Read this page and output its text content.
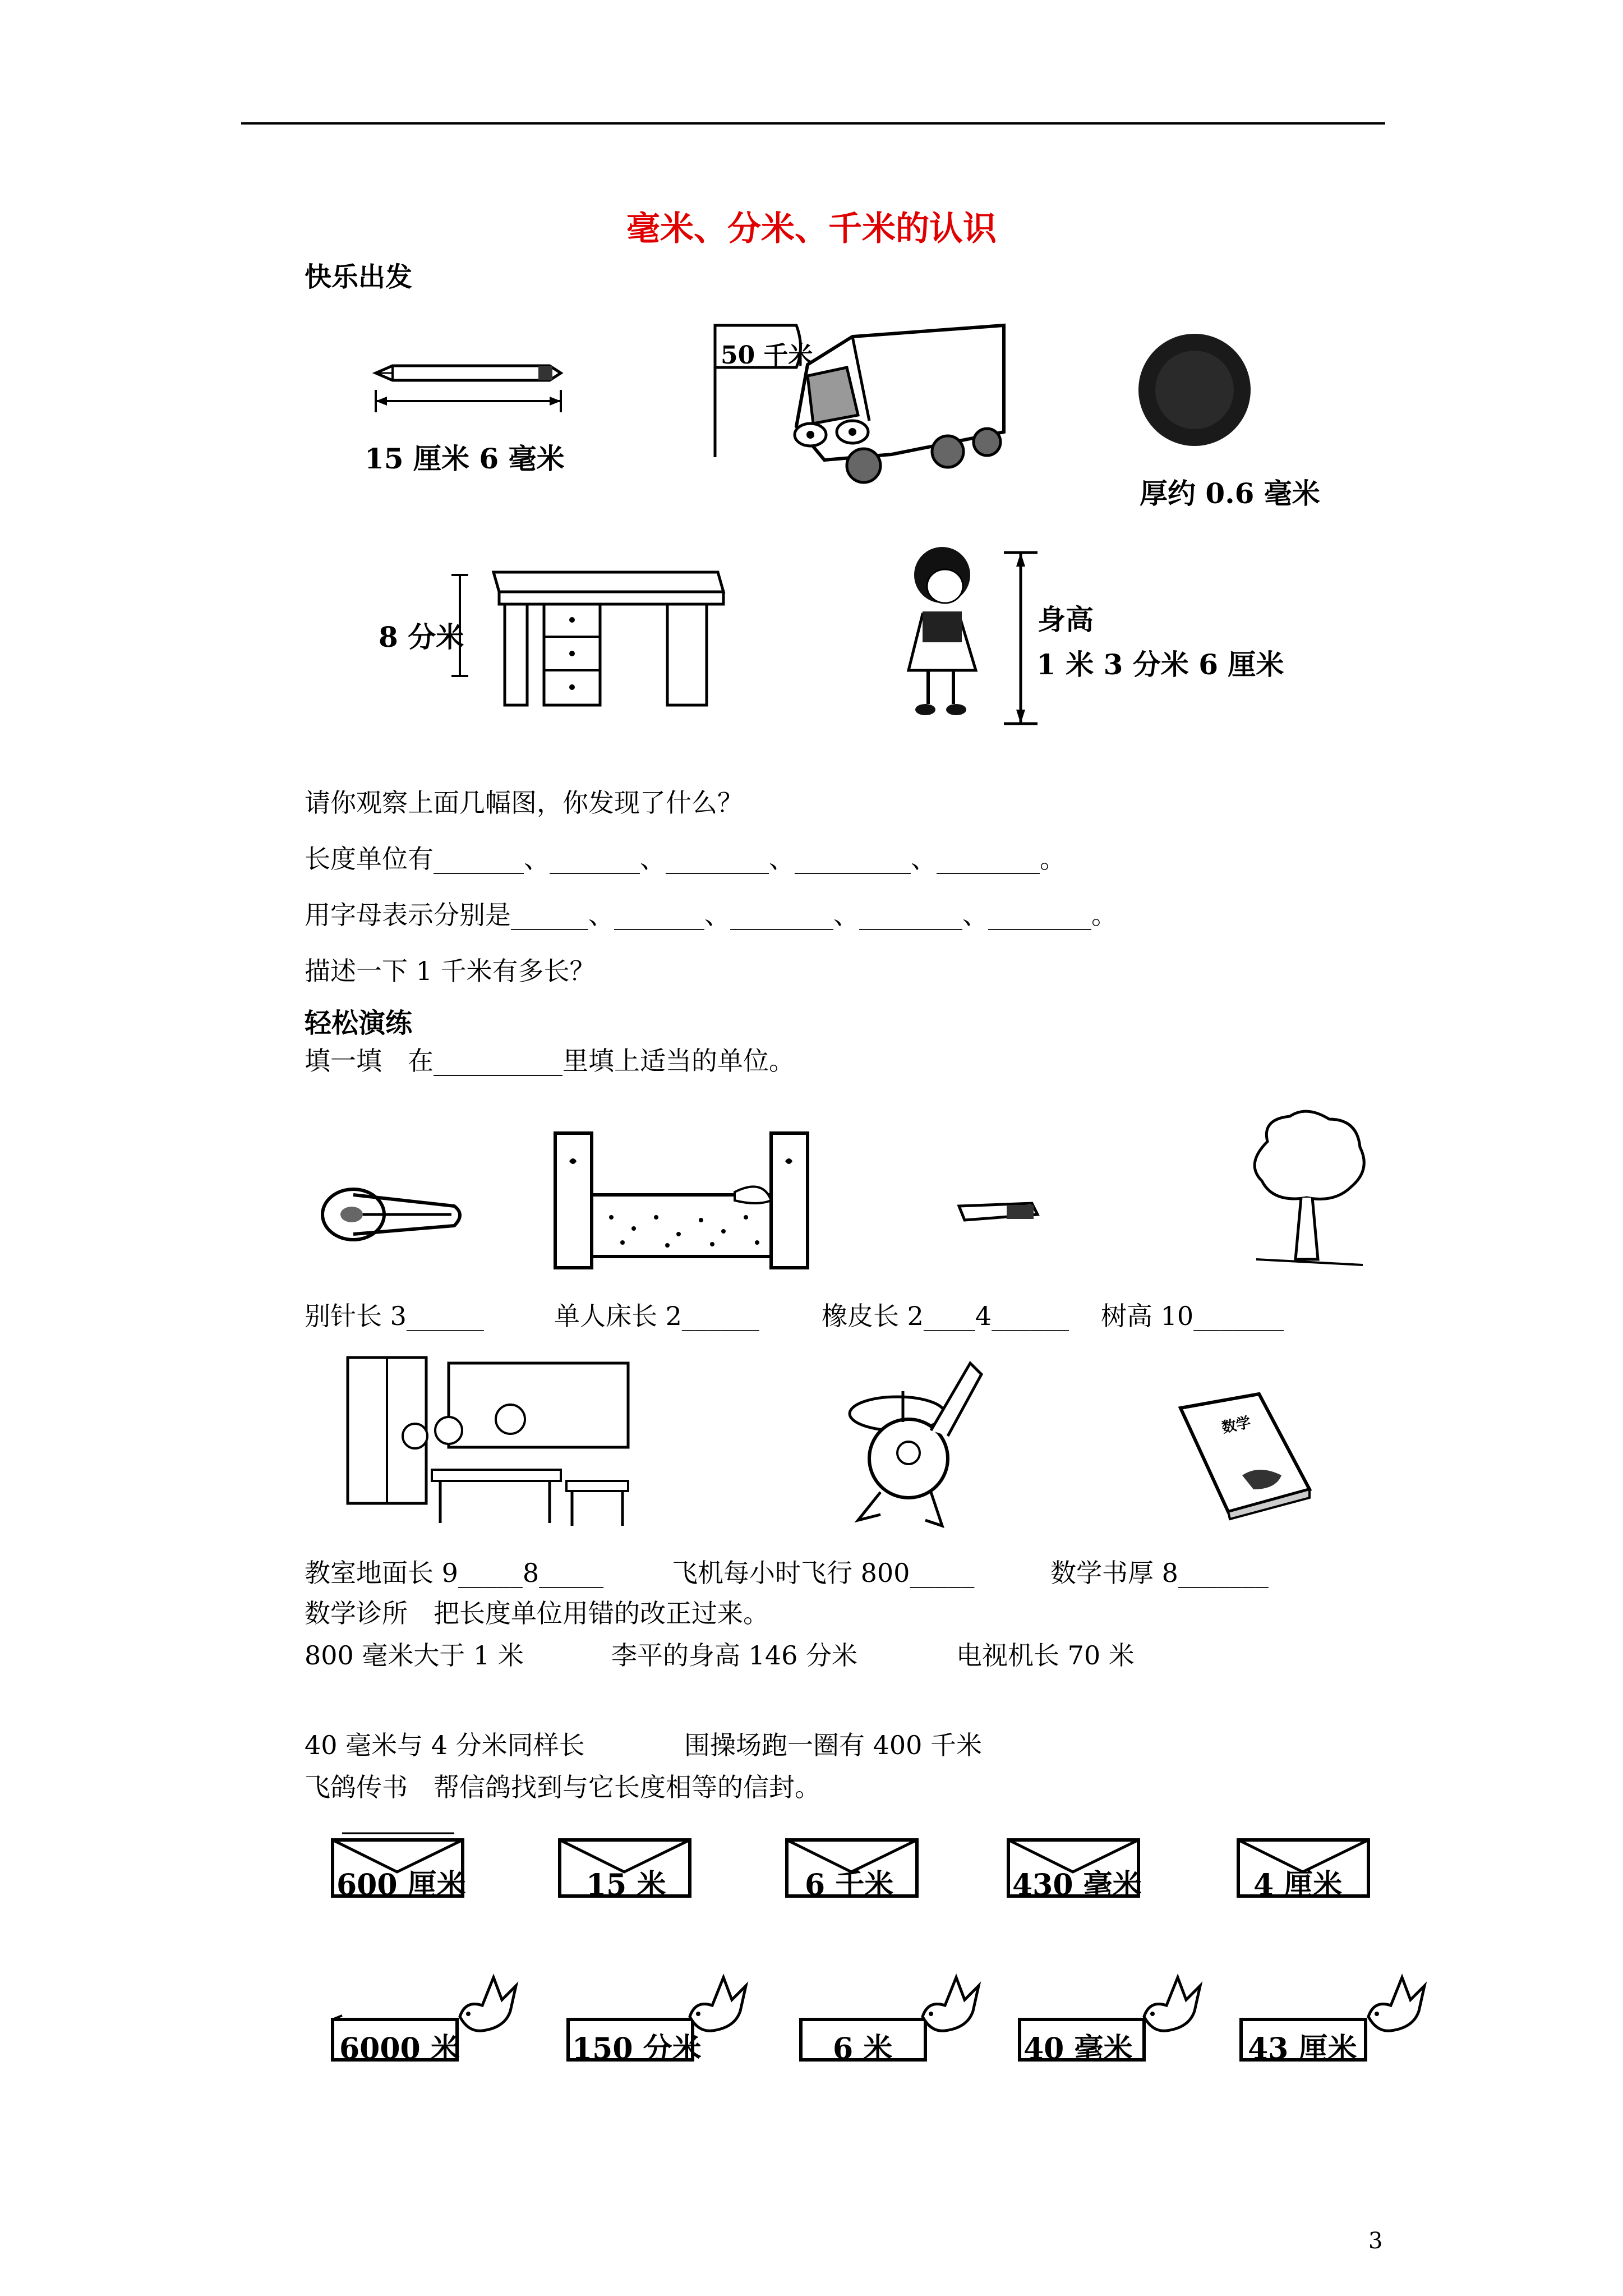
毫米、分米、千米的认识
快乐出发
15 厘米 6 毫米
50 千米
厚约 0.6 毫米
8 分米
身高
1 米 3 分米 6 厘米
请你观察上面几幅图，你发现了什么？
长度单位有_______、_______、________、_________、________。
用字母表示分别是______、_______、________、________、________。
描述一下 1 千米有多长？
轻松演练
填一填　在__________里填上适当的单位。
别针长 3______	单人床长 2______ 橡皮长 2____4______ 树高 10_______
数学
教室地面长 9_____8_____	飞机每小时飞行 800_____	数学书厚 8_______
数学诊所　把长度单位用错的改正过来。
800 毫米大于 1 米	李平的身高 146 分米	电视机长 70 米
40 毫米与 4 分米同样长	围操场跑一圈有 400 千米
飞鸽传书　帮信鸽找到与它长度相等的信封。
600 厘米	15 米	6 千米	430 毫米	4 厘米
6000 米	150 分米	6 米	40 毫米	43 厘米
3
